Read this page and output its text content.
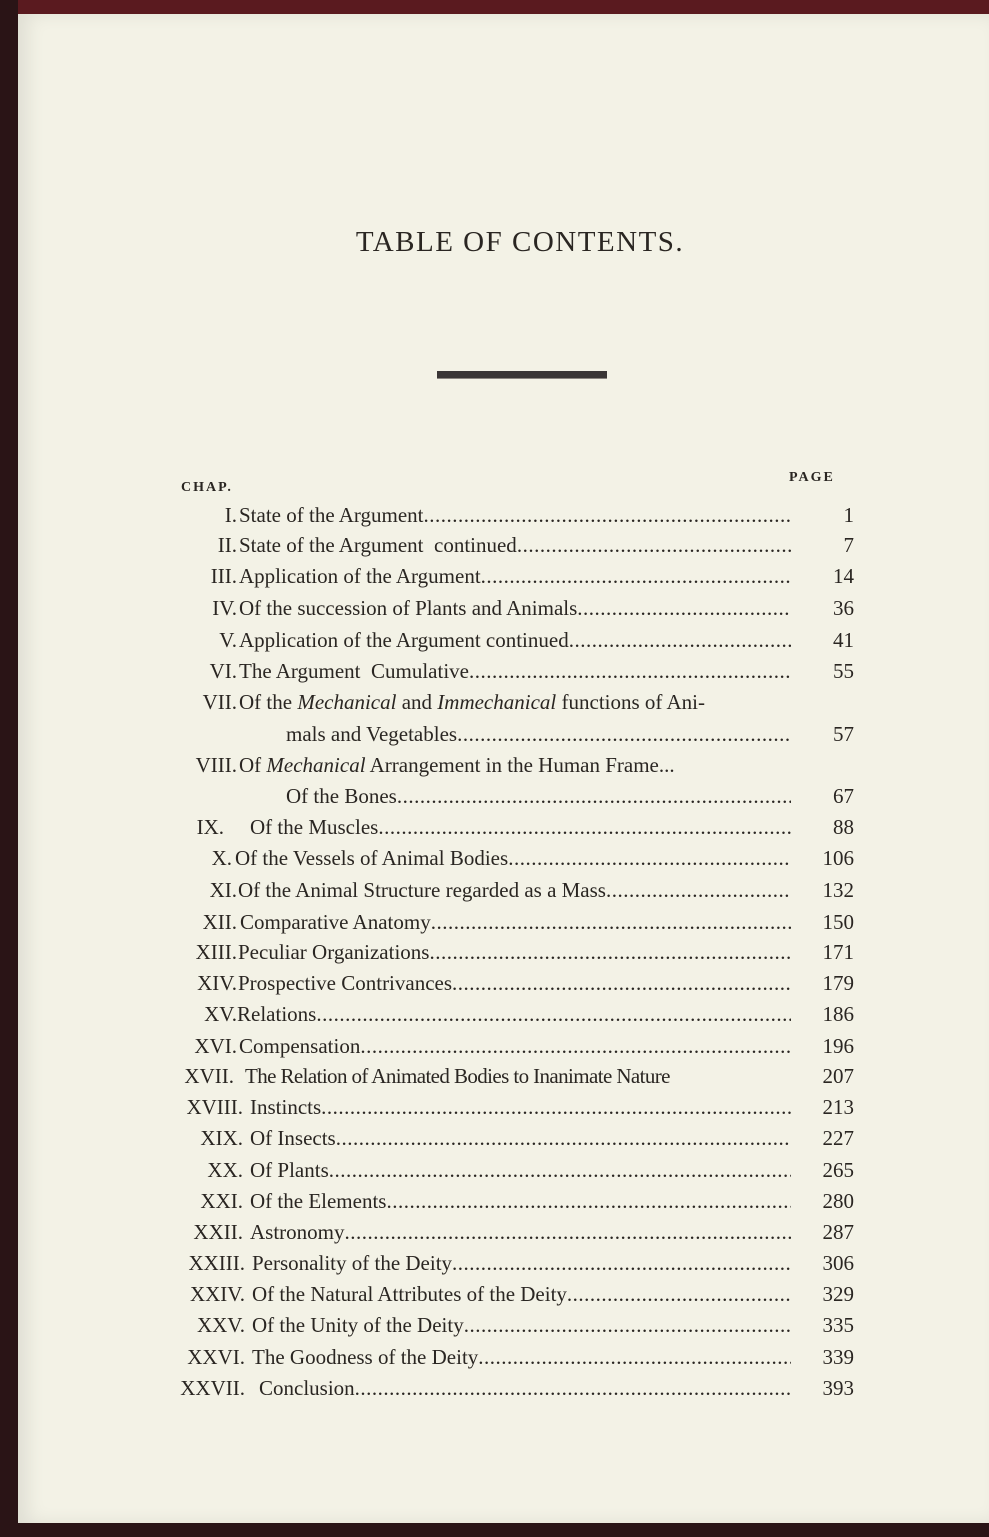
TABLE OF CONTENTS.
CHAP.
PAGE
I. State of the Argument .....	1
II. State of the Argument  continued .....	7
III. Application of the Argument .....	14
IV. Of the succession of Plants and Animals .....	36
V. Application of the Argument continued .....	41
VI. The Argument  Cumulative .....	55
VII. Of the Mechanical and Immechanical functions of Ani-
mals and Vegetables .....	57
VIII. Of Mechanical Arrangement in the Human Frame...
Of the Bones .....	67
IX. Of the Muscles .....	88
X. Of the Vessels of Animal Bodies .....	106
XI. Of the Animal Structure regarded as a Mass .....	132
XII. Comparative Anatomy .....	150
XIII. Peculiar Organizations .....	171
XIV. Prospective Contrivances .....	179
XV. Relations .....	186
XVI. Compensation .....	196
XVII. The Relation of Animated Bodies to Inanimate Nature	207
XVIII. Instincts .....	213
XIX. Of Insects .....	227
XX. Of Plants .....	265
XXI. Of the Elements .....	280
XXII. Astronomy .....	287
XXIII. Personality of the Deity .....	306
XXIV. Of the Natural Attributes of the Deity .....	329
XXV. Of the Unity of the Deity .....	335
XXVI. The Goodness of the Deity .....	339
XXVII. Conclusion .....	393
